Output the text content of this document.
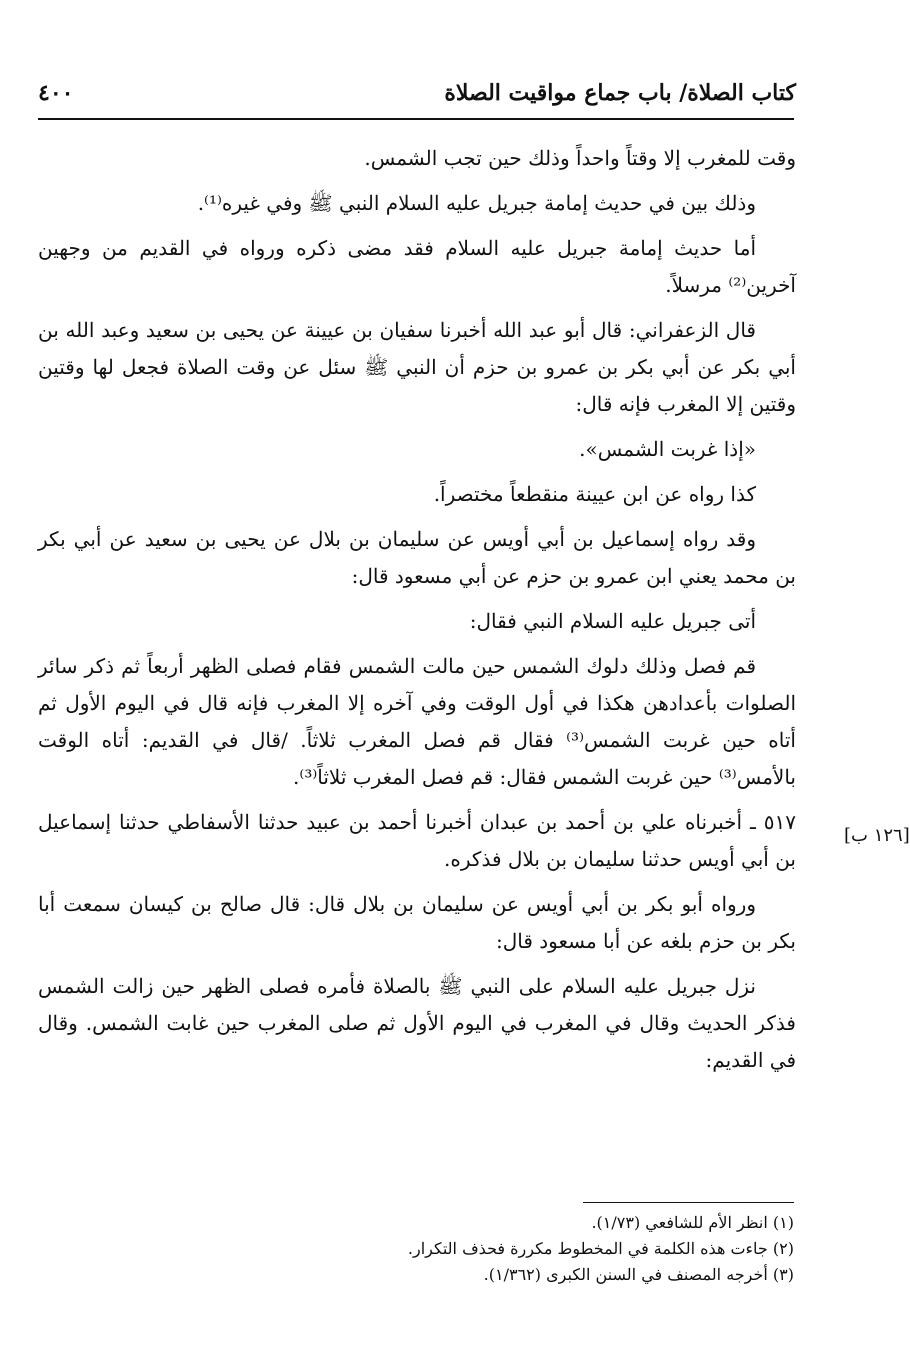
كتاب الصلاة/ باب جماع مواقيت الصلاة
٤٠٠

وقت للمغرب إلا وقتاً واحداً وذلك حين تجب الشمس.

وذلك بين في حديث إمامة جبريل عليه السلام النبي ﷺ وفي غيره⁽¹⁾.

أما حديث إمامة جبريل عليه السلام فقد مضى ذكره ورواه في القديم من وجهين آخرين⁽²⁾ مرسلاً.

قال الزعفراني: قال أبو عبد الله أخبرنا سفيان بن عيينة عن يحيى بن سعيد وعبد الله بن أبي بكر عن أبي بكر بن عمرو بن حزم أن النبي ﷺ سئل عن وقت الصلاة فجعل لها وقتين وقتين إلا المغرب فإنه قال:

«إذا غربت الشمس».

كذا رواه عن ابن عيينة منقطعاً مختصراً.

وقد رواه إسماعيل بن أبي أويس عن سليمان بن بلال عن يحيى بن سعيد عن أبي بكر بن محمد يعني ابن عمرو بن حزم عن أبي مسعود قال:

أتى جبريل عليه السلام النبي فقال:

قم فصل وذلك دلوك الشمس حين مالت الشمس فقام فصلى الظهر أربعاً ثم ذكر سائر الصلوات بأعدادهن هكذا في أول الوقت وفي آخره إلا المغرب فإنه قال في اليوم الأول ثم أتاه حين غربت الشمس⁽³⁾ فقال قم فصل المغرب ثلاثاً. /قال في القديم: أتاه الوقت بالأمس⁽³⁾ حين غربت الشمس فقال: قم فصل المغرب ثلاثاً⁽³⁾.

٥١٧ ـ أخبرناه علي بن أحمد بن عبدان أخبرنا أحمد بن عبيد حدثنا الأسفاطي حدثنا إسماعيل بن أبي أويس حدثنا سليمان بن بلال فذكره.

ورواه أبو بكر بن أبي أويس عن سليمان بن بلال قال: قال صالح بن كيسان سمعت أبا بكر بن حزم بلغه عن أبا مسعود قال:

نزل جبريل عليه السلام على النبي ﷺ بالصلاة فأمره فصلى الظهر حين زالت الشمس فذكر الحديث وقال في المغرب في اليوم الأول ثم صلى المغرب حين غابت الشمس. وقال في القديم:

[١٢٦ ب]

(١) انظر الأم للشافعي (١/٧٣).

(٢) جاءت هذه الكلمة في المخطوط مكررة فحذف التكرار.

(٣) أخرجه المصنف في السنن الكبرى (١/٣٦٢).
